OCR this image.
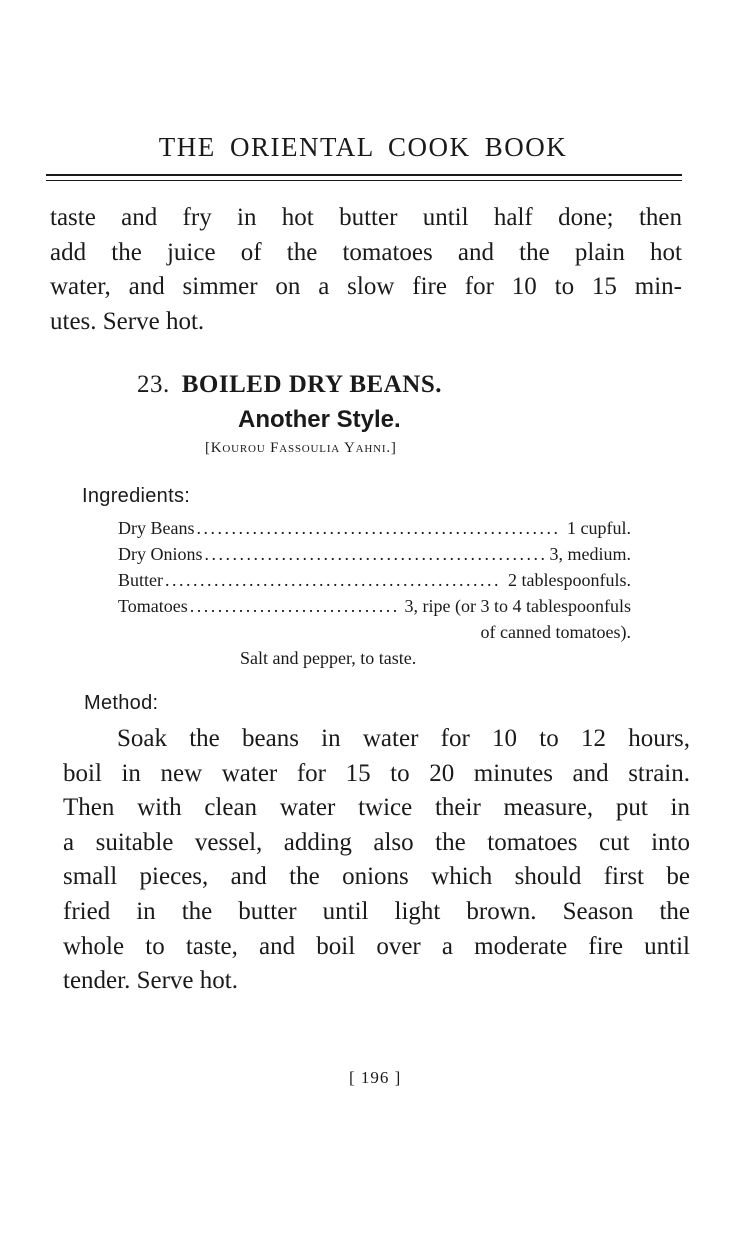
THE ORIENTAL COOK BOOK
taste and fry in hot butter until half done; then
add the juice of the tomatoes and the plain hot
water, and simmer on a slow fire for 10 to 15 min-
utes. Serve hot.
23. BOILED DRY BEANS.
Another Style.
[Kourou Fassoulia Yahni.]
Ingredients:
Dry Beans . . .	1 cupful.
Dry Onions . . .	3, medium.
Butter . . .	2 tablespoonfuls.
Tomatoes . . .	3, ripe (or 3 to 4 tablespoonfuls
of canned tomatoes).
Salt and pepper, to taste.
Method:
Soak the beans in water for 10 to 12 hours,
boil in new water for 15 to 20 minutes and strain.
Then with clean water twice their measure, put in
a suitable vessel, adding also the tomatoes cut into
small pieces, and the onions which should first be
fried in the butter until light brown. Season the
whole to taste, and boil over a moderate fire until
tender. Serve hot.
[ 196 ]
